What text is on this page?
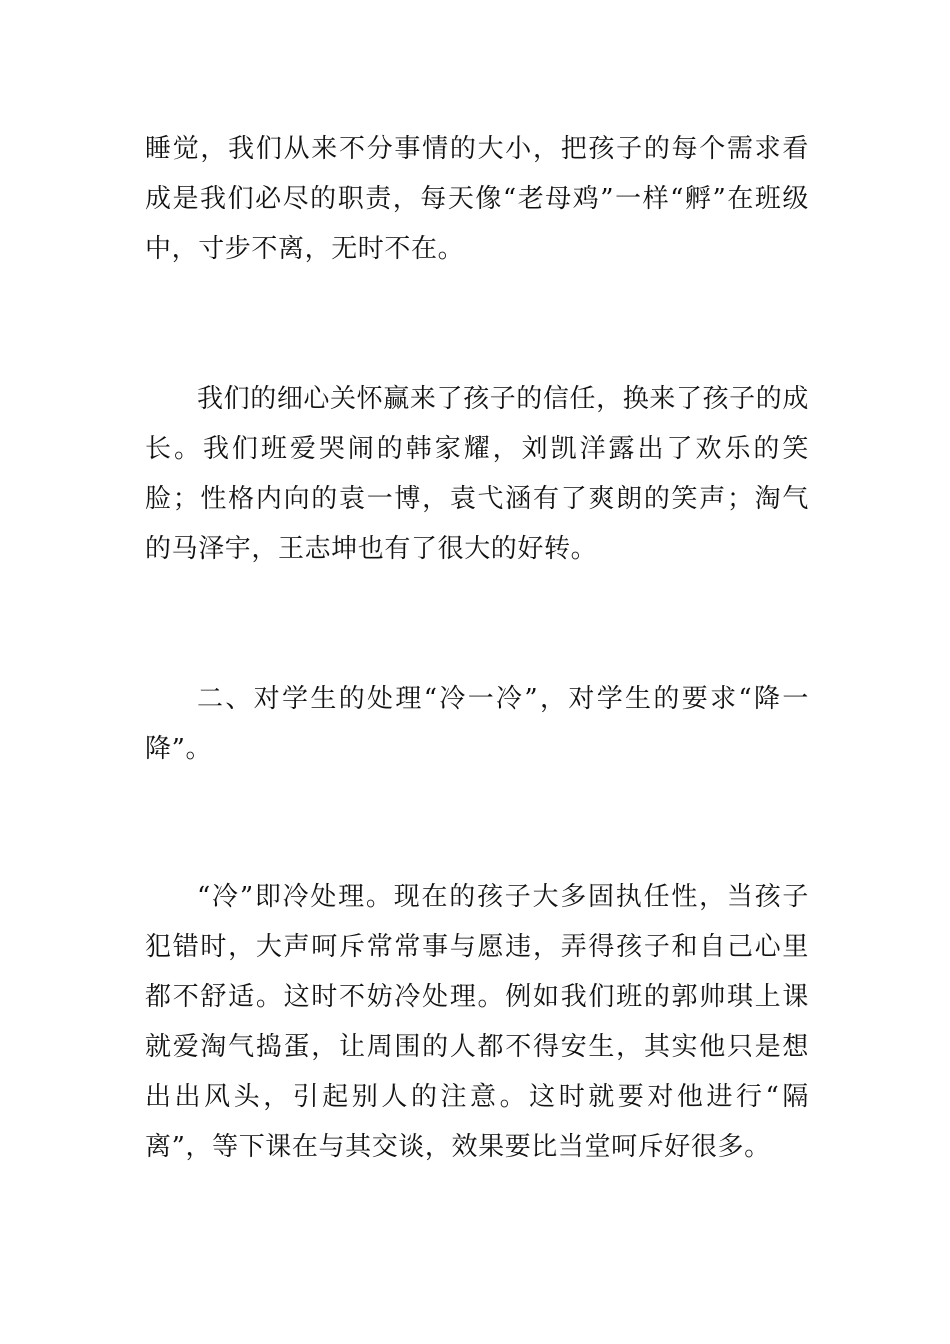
睡觉，我们从来不分事情的大小，把孩子的每个需求看成是我们必尽的职责，每天像“老母鸡”一样“孵”在班级中，寸步不离，无时不在。

我们的细心关怀赢来了孩子的信任，换来了孩子的成长。我们班爱哭闹的韩家耀，刘凯洋露出了欢乐的笑脸；性格内向的袁一博，袁弋涵有了爽朗的笑声；淘气的马泽宇，王志坤也有了很大的好转。

二、对学生的处理“冷一冷”，对学生的要求“降一降”。

“冷”即冷处理。现在的孩子大多固执任性，当孩子犯错时，大声呵斥常常事与愿违，弄得孩子和自己心里都不舒适。这时不妨冷处理。例如我们班的郭帅琪上课就爱淘气捣蛋，让周围的人都不得安生，其实他只是想出出风头，引起别人的注意。这时就要对他进行“隔离”，等下课在与其交谈，效果要比当堂呵斥好很多。
